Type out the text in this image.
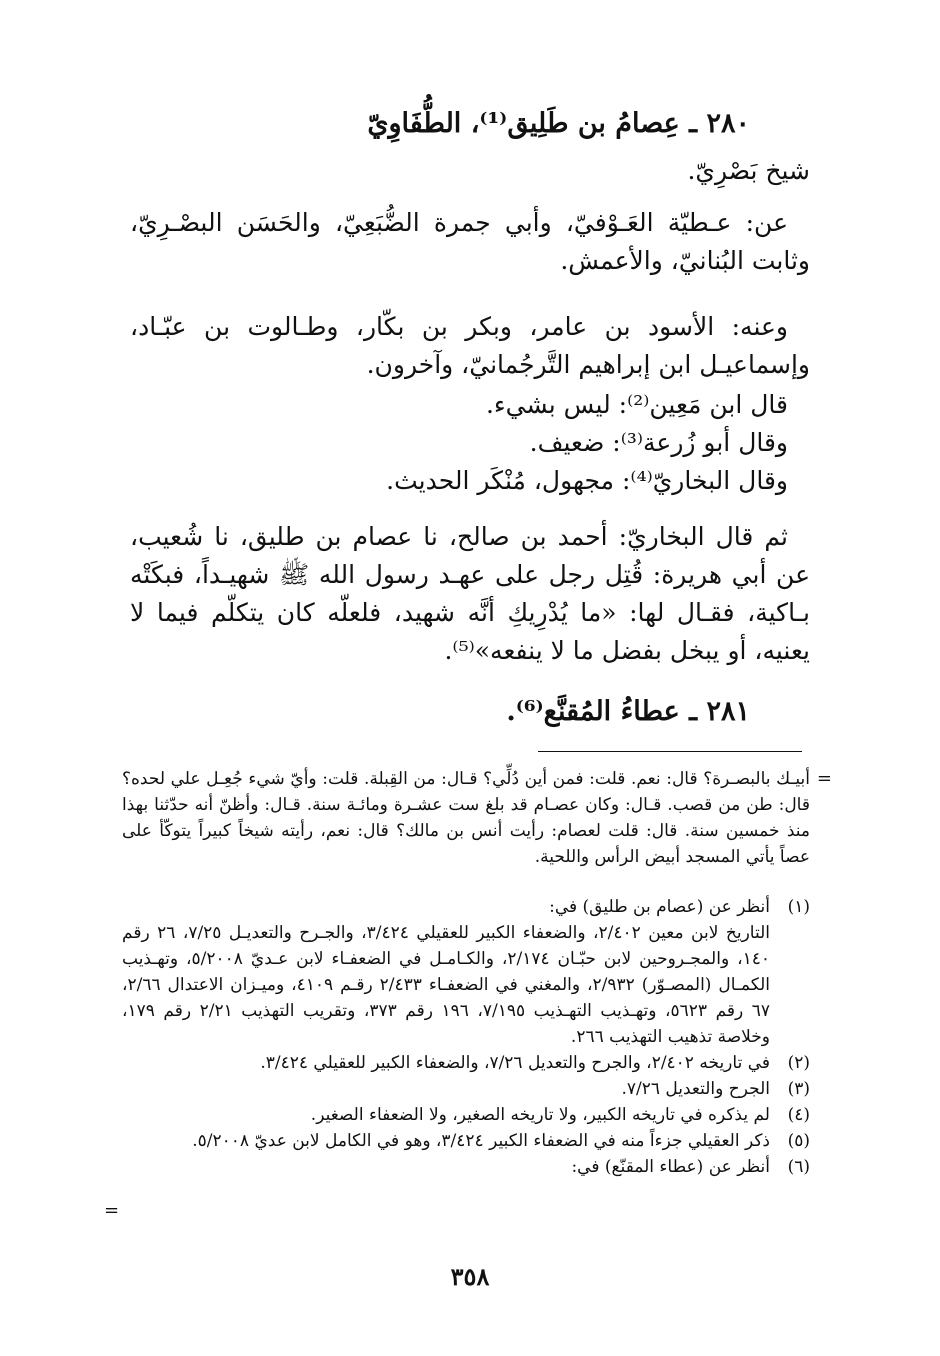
٢٨٠ ـ عِصامُ بن طَلِيق⁽¹⁾، الطُّفَاوِيّ

شيخ بَصْرِيّ.

عن: عـطيّة العَـوْفيّ، وأبي جمرة الضُّبَعِيّ، والحَسَن البصْـرِيّ، وثابت البُنانيّ، والأعمش.

وعنه: الأسود بن عامر، وبكر بن بكّار، وطـالوت بن عبّـاد، وإسماعيـل ابن إبراهيم التَّرجُمانيّ، وآخرون.

قال ابن مَعِين⁽²⁾: ليس بشيء.

وقال أبو زُرعة⁽³⁾: ضعيف.

وقال البخاريّ⁽⁴⁾: مجهول، مُنْكَر الحديث.

ثم قال البخاريّ: أحمد بن صالح، نا عصام بن طليق، نا شُعيب، عن أبي هريرة: قُتِل رجل على عهـد رسول الله ﷺ شهيـداً، فبكَتْه بـاكية، فقـال لها: «ما يُدْرِيكِ أنَّه شهيد، فلعلّه كان يتكلّم فيما لا يعنيه، أو يبخل بفضل ما لا ينفعه»⁽⁵⁾.

٢٨١ ـ عطاءُ المُقنَّع⁽⁶⁾.
=

أبيـك بالبصـرة؟ قال: نعم. قلت: فمن أين دُلِّي؟ قـال: من القِبلة. قلت: وأيّ شيء جُعِـل علي لحده؟ قال: طن من قصب. قـال: وكان عصـام قد بلغ ست عشـرة ومائـة سنة. قـال: وأظنّ أنه حدّثنا بهذا منذ خمسين سنة. قال: قلت لعصام: رأيت أنس بن مالك؟ قال: نعم، رأيته شيخاً كبيراً يتوكّأ على عصاً يأتي المسجد أبيض الرأس واللحية.

(١)

أنظر عن (عصام بن طليق) في:

التاريخ لابن معين ٢/٤٠٢، والضعفاء الكبير للعقيلي ٣/٤٢٤، والجـرح والتعديـل ٧/٢٥، ٢٦ رقم ١٤٠، والمجـروحين لابن حبّـان ٢/١٧٤، والكـامـل في الضعفـاء لابن عـديّ ٥/٢٠٠٨، وتهـذيب الكمـال (المصـوّر) ٢/٩٣٢، والمغني في الضعفـاء ٢/٤٣٣ رقـم ٤١٠٩، وميـزان الاعتدال ٢/٦٦، ٦٧ رقم ٥٦٢٣، وتهـذيب التهـذيب ٧/١٩٥، ١٩٦ رقم ٣٧٣، وتقريب التهذيب ٢/٢١ رقم ١٧٩، وخلاصة تذهيب التهذيب ٢٦٦.

(٢)

في تاريخه ٢/٤٠٢، والجرح والتعديل ٧/٢٦، والضعفاء الكبير للعقيلي ٣/٤٢٤.

(٣)

الجرح والتعديل ٧/٢٦.

(٤)

لم يذكره في تاريخه الكبير، ولا تاريخه الصغير، ولا الضعفاء الصغير.

(٥)

ذكر العقيلي جزءاً منه في الضعفاء الكبير ٣/٤٢٤، وهو في الكامل لابن عديّ ٥/٢٠٠٨.

(٦)

أنظر عن (عطاء المقنّع) في:

=
٣٥٨
